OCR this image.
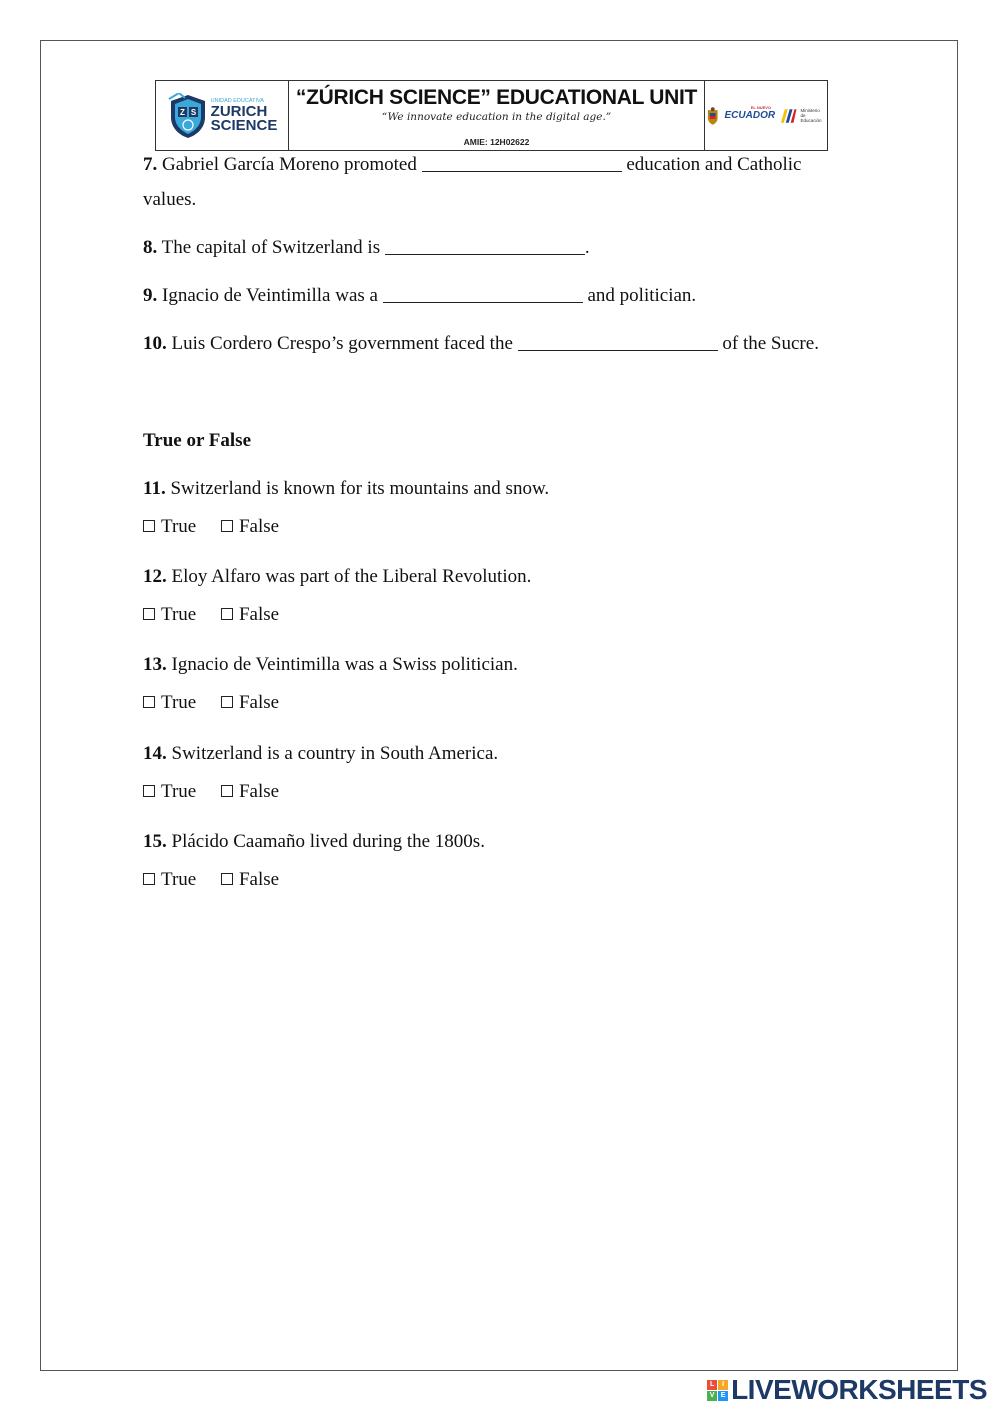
Z S
UNIDAD EDUCATIVA
ZURICH
SCIENCE
“ZÚRICH SCIENCE” EDUCATIONAL UNIT
“We innovate education in the digital age.”
AMIE: 12H02622
EL NUEVO
ECUADOR	Ministerio
de Educación
7. Gabriel García Moreno promoted	education and Catholic
values.
8. The capital of Switzerland is	.
9. Ignacio de Veintimilla was a	and politician.
10. Luis Cordero Crespo’s government faced the	of the Sucre.
True or False
11. Switzerland is known for its mountains and snow.
True False
12. Eloy Alfaro was part of the Liberal Revolution.
True False
13. Ignacio de Veintimilla was a Swiss politician.
True False
14. Switzerland is a country in South America.
True False
15. Plácido Caamaño lived during the 1800s.
True False
L	I
V E LIVEWORKSHEETS
